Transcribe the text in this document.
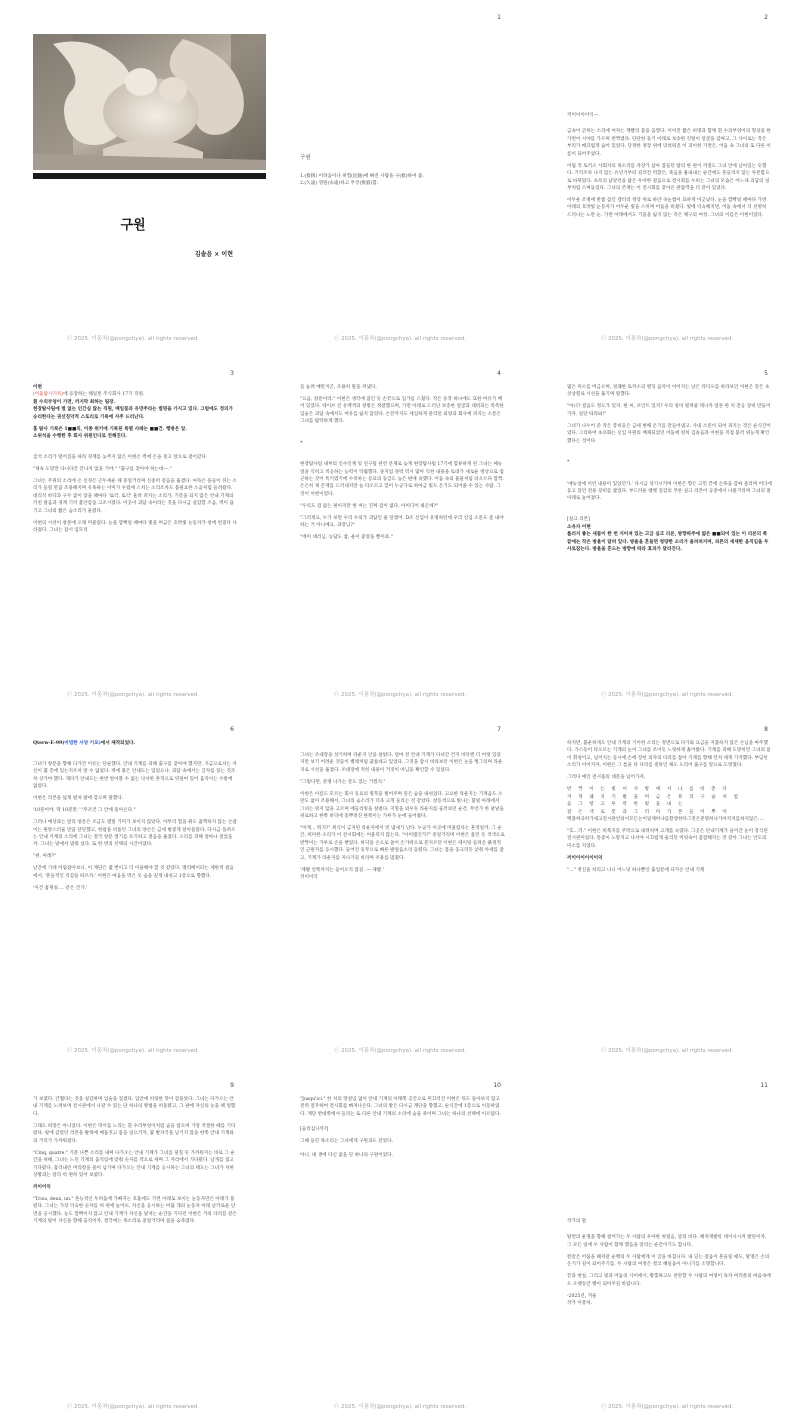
구원
김솔음 × 이현
ⓒ 2025. 이퐁차(@pongchya). all rights reserved.
1

구원

1.(救援) 어려움이나 위험(危險)에 빠진 사람을 구(救)하여 줌.

2.(久遠) 영원(永遠)하고 무궁(無窮)함.

ⓒ 2025. 이퐁차(@pongchya). all rights reserved.
2

끼이이이이익—.

금속이 긁히는 소리에 여자는 재빨리 몸을 움찔다. 이어진 짧은 비명과 함께 흰 수의부엉이의 형상을 한 가면이 시야를 가르며 반짝였다. 단단한 돌기 아래로 보송한 깃털이 얼굴을 감싸고, 그 사이로는 작은 부리가 매끄럽게 숨어 있었다. 단정한 정장 위에 덧씌워진 이 괴이한 가면은, 어둠 속 그녀의 또 다른 이름이 되어주었다.

어림 적 토끼소 사회자의 목소리를 자장가 삼아 잠들던 밤의 한 편이 까칠도 그녀 안에 남아있는 듯했다. 기억조차 나지 않는 유년기부터 길러진 역할은, 죽음을 흉내내는 순간에도 흔들리지 않는 차분함으로 바뀌었다. 초록의 낡았던을 닮은 우아한 걸음으로 전시회를 누비는 그녀의 모습은 어느새 괴담의 일부처럼 스며들었다. 그녀의 존재는 이 전시회를 찾아온 관람객을 더 같아 있었다.

어두운 조명에 반쯤 잠긴 갤러리 정장 위로 하얀 속눈썹이 묘하게 어긋났다. 눈을 깜빡일 때마다 가면 아래의 호박빛 눈동자가 어두운 빛을 스치며 어둠을 비췄다. 빛에 익숙해지면, 어둠 속에서 더 선명히 드러나는 노란 눈. 가면 아래에서도 기품을 잃지 않는 작은 체구의 여성. 그녀의 이름은 이현이었다.

ⓒ 2025. 이퐁차(@pongchya). all rights reserved.
3

이현

(어둠탐사기록)에 등장하는 해일통 주식회사 17기 직원.

흰 수의부엉이 가면, 까지막 최하는 팀장.

현장탐사팀에 별 없는 인간실 않는 직원, 배일품과 유망주라는 별명을 가지고 있다. 그럼에도 정의가 승리한다는 권선징악적 스토리로 기록에 자주 드러난다.

홈 탐사 기록은 1■■의, 이종 위키에 기록된 특별 사례는 ■■건. 행방은 알.

소위석을 수행한 후 회사 위원인다로 전해진다.

굼석 소리가 멀어짐을 따라 경계를 늦추지 않은 이현은 벽에 손을 짚고 앞으로 걸어갔다.

"제속 도망만 다니다간 끝나지 않을 거야." "출구를 찾아야 하는데—."

그녀는 주위의 소리에 온 신경은 곤두세운 채 중얼거리며 신중히 걸음을 옮겼다. 씨뜩은 돌들이 뒤는 소리가 들릴 만큼 조용해지며 유혹하는 이미가 우렀에 스치는 소리조차도 불필요한 소음처럼 들려왔다. 대리석 바닥과 구두 굽이 닿을 때마다 '또각. 또각' 울려 퍼지는 소리가, 기릇을 되지 않은 안내 기계의 키친 말음과 경계 기억 불안감을 고조시켰다. 이곳이 괴담 속이라는 것을 다시금 실감할 즈음, 벽이 끊기고 그녀의 짧은 숨소리가 울렸다.

이현의 시선이 창문에 오래 머물렀다. 눈을 깜빡일 때마다 빛을 머금은 호박빛 눈동자가 창에 번졌다 사라졌다. 그녀는 잠시 입모리

ⓒ 2025. 이퐁차(@pongchya). all rights reserved.
4

를 늘려 매만지곤, 조용히 말을 꺼냈다.

"으음, 창문이라." 이현은 생각에 잠긴 듯 손끝으로 입가를 스쳤다. 작은 동작 하나에도 묘한 여유가 배어 있었다. 테이브 진 유백색의 창밖은 정갈했으며, 가면 아래로 드러난 보송한 얼굴과 대비되는 촉촉한 입술은 괴담 속에서도 여유를 잃지 않았다. 손끝까지도 세심하게 관리된 외양과 회사에 퍼지는 소문은 그녀를 탐탁하게 했다.

*

현장탐사팀 내부의 인수인계 및 연구팀 관련 문제로 늦게 현장탐사팀 17기에 합류하게 된 그녀는 매뉴얼을 익히고 적응하는 능력이 탁월했다. 졸지업 경력 역시 많아 익힌 내용을 토대가 새로운 방상으로 접근하는 것이 특기였기에 수칙하는 동료의 등급도 높은 편에 속했다. 어둠 속의 흉물처럼 타오르다 깜짝. 은은히 제 존재를 드러내지만 늘 타오르고 있어 누군가로 하여금 빛도 온기도 되어줄 수 있는 사람. 그것이 이현이었다.

"우리도 겁 없는 편이지만 현 씨는 진짜 겁이 없다. 아이디어 최곤데?"

"그러게요, 누가 보면 우리 수의가 괴담인 줄 알겠어. D조 신입이 유명하던데 우리 신입 소문도 좀 내야 하는 거 아니에요, 과장님?"

"에이 대리님, 농담도 참, 운이 좋았을 뿐이죠."

ⓒ 2025. 이퐁차(@pongchya). all rights reserved.
5

엷은 미소를 머금으며, 경쾌한 토끼소의 멘딩 음악이 이어지는 날은 라디오를 바라보던 이현은 같은 초 상상렬로 시선을 옮기며 말했다.

"아니? 걸음도 정도가 있지. 현 씨, 포인트 있지? 우리 창비 빌려줄 테니까 얼른 한 치 전응 장비 만들어 가자. 일단 따라와!"

그녀가 나누어 준 작은 봉비들은 금세 변해 온기를 만들어냈고, 사내 소문이 되어 퍼지는 것은 순식간이었다. 그리하여 초유화는 신입 사원의 배제되었던 어둠에 친히 김솔음과 이현을 직접 불러 위능게 확인했다는 것이다.

*

'매뉴얼에 이런 내용이 있었던가.' 다시금 상기시키며 이현은 향은 고민 끝에 손목을 감싸 올리며 어디에 등고 있던 전용 장비를 꿇었다. 부드러운 벨벳 질감의 푸른 실크 리본이 공중에서 나풀거리며 그녀의 말 아래로 늘어졌다.

[실크 리본]

소유자 이현

툴러지 좋는 새틈이 한 번 지어져 있는 고급 실크 리본, 방향따주에 얇은 ■■되어 있는 이 리본의 쪽 끝에는 작은 방울이 달려 있다. 방울을 흔들면 청량한 소리가 울려퍼지며, 피튼의 세세한 움직임을 두 사로잡는다. 방울을 흔드는 방향에 따라 효과가 달라진다.

ⓒ 2025. 이퐁차(@pongchya). all rights reserved.
6

Qterw-E-99(마법한 서양 키포)에서 제작되었다.

그녀가 창문을 향해 다가간 이유는 단순했다. 안내 기계를 피해 출구를 찾아야 했지만, 지금으로서는 자신이 몇 층에 있는지조차 알 수 없었다. 벽에 붙은 안내도는 있었으나, 괴담 속에서는 글자를 읽는 것조차 상가야 했다. 게다가 안내도는 한번 알아볼 수 없는 낙서한 흔적으로 뒤덮여 있어 움직이는 수밖에 없었다.

이현은 리본을 넓게 펼쳐 팔에 감으며 말했다.

'10분이야, 딱 10분만.' "무조건 그 안에 돌아온다."

그러나 예상과는 달리 창문은 조금도 열릴 기미가 보이지 않았다. 아무리 힘을 줘도 꿈쩍하지 않는 손잡이는 원망스러울 만큼 단단했고, 한참을 비틀던 그녀의 양손은 금세 벌겋게 달아올랐다. 다시금 돌려오는 안내 기계의 소리에 그녀는 결국 창문 열기를 포기하고 걸음을 옮겼다. 소리를 피해 얼마나 걸었을까. 그녀는 말에서 멈춰 섰다. 또 한 번의 선택의 시간이었다.

"위, 아래?"

난간에 기대 어림잡아보니, 이 계단은 몇 번이고 더 이용해야 할 것 같았다. 엘리베이터는 제한적 걸음에서, '흔들적인 직감을 따르자.' 이현은 마음을 먹은 듯 숨을 깊게 내쉬고 1층으로 향했다.

'이건 흡게실…. 같은 건가.'

ⓒ 2025. 이퐁차(@pongchya). all rights reserved.
7

그녀는 조대장을 상기하며 라운지 안을 살폈다. 얼마 전 안내 기계가 다녀간 건지 바닥엔 더 어릿 있었지만 보기 어려운 것들이 별레처럼 꿈틀대고 있었다. 그것을 잠시 바라보던 이현은 눈을 찡그리며 라운지로 시선을 옮겼다. 조대장에 적힌 내용이 거짓이 아님을 확인할 수 있었다.

"그렇다면, 분명 나가는 문도 있는 거겠지."

이현은 이름도 모르는 회사 동료의 명복을 빌어주며 깊은 숨을 내쉬었다. 고요한 라운지는 기계음도 소란도 없이 조용해서, 그녀의 숨소리가 더욱 크게 들리는 것 같았다. 창동색으로 빛나는 불빛 아래에서 그녀는 멍지 않을 고르며 애들리빙을 살폈다. 지형을 외우듯 라운지를 둘러보던 순간, 무언가 한 낱낱을 위로하고 한쪽 바닥에 흩뿌려진 한쪽이는 가루가 눈에 들어왔다.

"이게… 뭐지?" 취식이 금지된 라운지에서 빈 냄새가 난다. 누군가 이곳에 머물렀다는 흔적일까, 그 순간, 희미한 소리가 이 전시회에는 어울리지 않는다. "아이템인가?" 중얼거리며 이현은 흘린 듯 색색으로 반짝이는 가루로 손을 뻗었다. 바닥을 손으로 쓸어 손가락으로 문지르던 이현은 테이팅 들려온 붉정적인 근원지를 응시했다. 들어진 동무으로 빠른 발걸음소리 들렸다. 그녀는 몸을 웅크리듯 낮춰 차세를 잡고, 기계가 라운지를 지나가길 바라며 조용를 멈췄다.

'제발 안쪽까지는 들어오지 않길. — 제발.'

끼이이익

ⓒ 2025. 이퐁차(@pongchya). all rights reserved.
8

하지만, 불운하게도 안내 기계의 기이한 소리는 정면으로 다가와 요금을 지불하지 않은 손님을 마주했다. 가스등이 타오르는 기계의 눈이 그녀를 조이듯 느릿하게 훑어왔다. 기계를 피해 도망치던 그녀의 몸이 휘청이고, 넘어지는 동시에 손에 장힌 의자의 다리를 잡아 기계를 향해 던져 세게 가격했다. 부딪힌 소리가 이어지자, 이현은 그 틈을 타 다리를 절뚝인 채도 도리어 출구를 앞으로 도망쳤다.

그러다 예인 전시품의 대문을 넘어가자,

반 짝 이 는 빛 이 사 방 에 서 나 를 비 춘 다

겨 게 웨 지 기 발 을 머 금 은 뮤 리 구 슬 처 럼

들 그 항 고 투 박 한 빛 을 내 는

갈 은 색 로 봇 과 그 러 미 가 본 들 이 뿌 어

백플짜곡히가세고전시관안의이모든논이일제히나를환영한다그것은분명히나가아직지를하지않은….

"흐…억." 이현은 희북지를 주먹으로 내려치며 고개를 숙였다. 그곳은 안내기계가 들어간 눈이 장식된 전시관이었다. 통증이 노랗지고 나서야 시끄럽게 울리던 머릿속이 잠잠해지는 것 같아 그녀는 안도의 미소를 지었다.

끼이이이이이이익

"…" 정신을 차리고 나니 어느덧 하나뿐인 출입문에 다가온 안내 기계

ⓒ 2025. 이퐁차(@pongchya). all rights reserved.
9

가 보였다. 간협다는 것을 실감하며 입술을 질겼다. 입안에 비릿한 맛이 감돌았다. 그녀는 다가오는 안내 기계를 노려보며 전시관에서 나갈 수 있는 단 하나의 방법을 떠올렸고, 그 판에 자신의 눈을 때 렁했다.

그래도 희망은 아니었다. 이현은 먹이를 노리는 흰 수리부엉이처럼 숨을 참으며 가장 적절한 때를 기다렸다. 팔에 감았던 리본을 발목에 매듭짓고 몸을 일으키자, 몇 발자국을 남기지 않을 한쪽 안내 기계와의 거리가 가까워졌다.

"Cinq, quatre." 기분 나쁜 소리를 내며 다가오는 안내 기계가 그녀를 덮칠 듯 가까워지는 바로 그 순간을 위해, 그녀는 느린 기계의 움직임에 맞춰 숫자를 역으로 세며 그 자리에서 기다렸다. 날개를 접고 기다렸다. 흘러내린 머리칼을 쓸어 넘기며 다가오는 안내 기계를 응시하는 그녀의 태도는 그녀가 처한 상황과는 달리 퍽 편히 있어 보였다.

끼이이익

"Trois, deux, un." 혼능적인 두려움에 가빠지는 호흡에도 가면 아래로 보이는 눈동자만은 아래가 틀렸다. 그녀는 가장 익숙한 숫자를 허 위에 늘어뜨, 자신을 응시하는 여덟 개의 눈동자 아래 날카로운 단면을 응시했다. 눈도 깜빡이지 않고 안내 기계가 자신을 덮치는 순간을 기다린 이현은 거의 다리를 같은 기계의 팔이 자신을 향해 움직이자, 결국에는 목소리로 중얼거리며 몸을 숨죽였다.

ⓒ 2025. 이퐁차(@pongchya). all rights reserved.
10

"Jusqu'ici." 한 치의 망설임 없이 안내 기계의 아래쪽 공간으로 미끄러진 이현은 뒤도 돌아보지 않고 전력 질주하여 전시회를 빠져나온다. 그녀의 발은 다시금 계단을 향했고, 순식간에 1층으로 이동하였다. 계단 반대쪽에서 들리는 또 다른 안내 기계의 소리에 숨을 죽이며 그녀는 하나의 선택에 이르렀다.

[들리십니까?]

그때 들린 목소리는 그녀에게 구원과도 같았다.

아니, 내 생에 다신 없을 단 하나의 구원이었다.

ⓒ 2025. 이퐁차(@pongchya). all rights reserved.
11

작가의 말

탈면의 운명을 향해 걸어가는 두 사람의 우아한 첫걸음, 달의 바다. 해저개발록 데이사시켜 발단이자, 그 모든 일에 두 사람이 함께 했음을 알리는 순간이기도 합니다.

칼같은 어둠을 헤쳐갈 순백의 두 사람에게 이 글을 바칩니다. 내 딛는 걸음이 흔들릴 때도, 탈명은 손의 온기가 길이 되어주기를. 두 사람의 여정은 결코 혜일움이 아니기를 소망합니다.

끝과 현실, 그리고 빛과 어둠의 사이에서, 황홀하고도 찬란할 두 사람의 여정이 독자 여러분의 마음속에도 오랫동안 별이 되어주길 바랍니다.

-2025년, 겨울

작가 이퐁차.

ⓒ 2025. 이퐁차(@pongchya). all rights reserved.
